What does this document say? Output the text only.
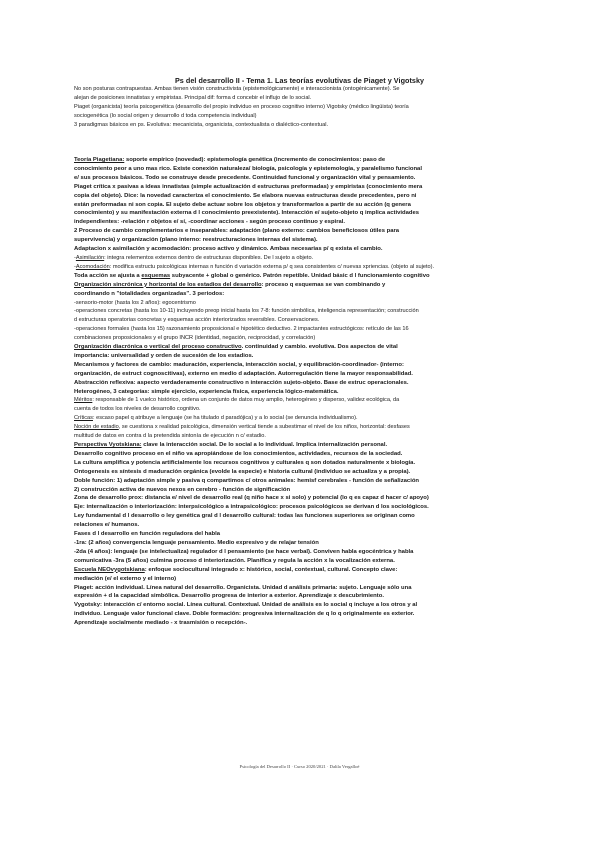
Ps del desarrollo II - Tema 1. Las teorías evolutivas de Piaget y Vigotsky
No son posturas contrapuestas. Ambas tienen visión constructivista (epistemológicamente) e interaccionista (ontogénicamente). Se
alejan de posiciones innatistas y empiristas. Principal dif: forma d concebir el influjo de lo social.
Piaget (organicista) teoría psicogenética (desarrollo del propio individuo en proceso cognitivo interno) Vigotsky (médico lingüista) teoría
sociogenética (lo social origen y desarrollo d toda competencia individual)
3 paradigmas básicos en ps. Evolutiva: mecanicista, organicista, contextualista o dialéctico-contextual.
Teoría Piagetiana: soporte empírico (novedad): epistemología genética (incremento de conocimientos: paso de
conocimiento peor a uno mas rico. Existe conexión naturaleza/ biología, psicología y epistemología, y paralelismo funcional
e/ sus procesos básicos. Todo se construye desde precedente. Continuidad funcional y organización vital y pensamiento.
Piaget crítica x pasivas a ideas innatistas (simple actualización d estructuras preformadas) y empiristas (conocimiento mera
copia del objeto). Dice: la novedad caracteriza el conocimiento. Se elabora nuevas estructuras desde precedentes, pero ni
están preformadas ni son copia. El sujeto debe actuar sobre los objetos y transformarlos a partir de su acción (q genera
conocimiento) y su manifestación externa d l conocimiento preexistente). Interacción e/ sujeto-objeto q implica actividades
independientes: -relación r objetos e/ sí, -coordinar acciones - según proceso continuo y espiral.
2 Proceso de cambio complementarios e inseparables: adaptación (plano externo: cambios beneficiosos útiles para
supervivencia) y organización (plano interno: reestructuraciones internas del sistema).
Adaptacion x asimilación y acomodación: proceso activo y dinámico. Ambas necesarias p/ q exista el cambio.
-Asimilación: integra relementos externos dentro de estructuras disponibles. De l sujeto a objeto.
-Acomodación: modifica estructu psicológicas internas n función d variación externa p/ q sea consistentes c/ nuevas xpriencias. (objeto al sujeto).
Toda acción se ajusta a esquemas subyacente + global o genérico. Patrón repetible. Unidad básic d l funcionamiento cognitivo
Organización sincrónica y horizontal de los estadios del desarrollo: proceso q esquemas se van combinando y
coordinando n "totalidades organizadas". 3 periodos:
-sensorio-motor (hasta los 2 años): egocentrismo
-operaciones concretas (hasta los 10-11) incluyendo preop inicial hasta los 7-8: función simbólica, inteligencia representación; construcción
d estructuras operatorias concretas y esquemas acción interiorizados reversibles. Conservaciones.
-operaciones formales (hasta los 15) razonamiento proposicional e hipotético deductivo. 2 impactantes estructógicos: retículo de las 16
combinaciones proposicionales y el grupo INCR (identidad, negación, reciprocidad, y correlación)
Organización diacrónica o vertical del proceso constructivo. continuidad y cambio. evolutiva. Dos aspectos de vital
importancia: universalidad y orden de sucesión de los estadios.
Mecanismos y factores de cambio: maduración, experiencia, interacción social, y equilibración-coordinador- (interno:
organización, de estruct cognoscitivas), externo en medio d adaptación. Autorregulación tiene la mayor responsabilidad.
Abstracción reflexiva: aspecto verdaderamente constructivo n interacción sujeto-objeto. Base de estruc operacionales.
Heterogéneo, 3 categorías: simple ejercicio, experiencia física, experiencia lógico-matemática.
Méritos: responsable de 1 vuelco histórico, ordena un conjunto de datos muy amplio, heterogéneo y disperso, validez ecológica, da
cuenta de todos los niveles de desarrollo cognitivo.
Críticas: escaso papel q atribuye a lenguaje (se ha titulado d paradójica) y a lo social (se denuncia individualismo).
Noción de estadio, se cuestiona x realidad psicológica, dimensión vertical tiende a subestimar el nivel de los niños, horizontal: desfases
multitud de datos en contra d la pretendida sintonía de ejecución n c/ estadio.
Perspectiva Vyotskiana: clave la interacción social. De lo social a lo individual. Implica internalización personal.
Desarrollo cognitivo proceso en el niño va apropiándose de los conocimientos, actividades, recursos de la sociedad.
La cultura amplifica y potencia artificialmente los recursos cognitivos y culturales q son dotados naturalmente x biología.
Ontogenesis es síntesis d maduración orgánica (evolde la especie) e historia cultural (individuo se actualiza y a propia).
Doble función: 1) adaptación simple y pasiva q compartimos c/ otros animales: hemisf cerebrales - función de señalización
2) construcción activa de nuevos nexos en cerebro - función de significación
Zona de desarrollo prox: distancia e/ nivel de desarrollo real (q niño hace x si solo) y potencial (lo q es capaz d hacer c/ apoyo)
Eje: internalización o interiorización: interpsicológico a intrapsicológico: procesos psicológicos se derivan d los sociológicos.
Ley fundamental d l desarrollo o ley genética gral d l desarrollo cultural: todas las funciones superiores se originan como
relaciones e/ humanos.
Fases d l desarrollo en función reguladora del habla
-1ra: (2 años) convergencia lenguaje pensamiento. Medio expresivo y de relajar tensión
-2da (4 años): lenguaje (se intelectualiza) regulador d l pensamiento (se hace verbal). Conviven habla egocéntrica y habla
comunicativa -3ra (5 años) culmina proceso d interiorización. Planifica y regula la acción x la vocalización externa.
Escuela NEOvygotskiana: enfoque sociocultural integrado x: histórico, social, contextual, cultural. Concepto clave:
mediación (e/ el externo y el interno)
Piaget: acción individual. Línea natural del desarrollo. Organicista. Unidad d análisis primaria: sujeto. Lenguaje sólo una
expresión + d la capacidad simbólica. Desarrollo progresa de interior a exterior. Aprendizaje x descubrimiento.
Vygotsky: interacción c/ entorno social. Línea cultural. Contextual. Unidad de análisis es lo social q incluye a los otros y al
individuo. Lenguaje valor funcional clave. Doble formación: progresiva internalización de q lo q originalmente es exterior.
Aprendizaje socialmente mediado - x trasmisión o recepción-.
Psicología del Desarrollo II · Curso 2020/2021 · Dalila Vergalloé
